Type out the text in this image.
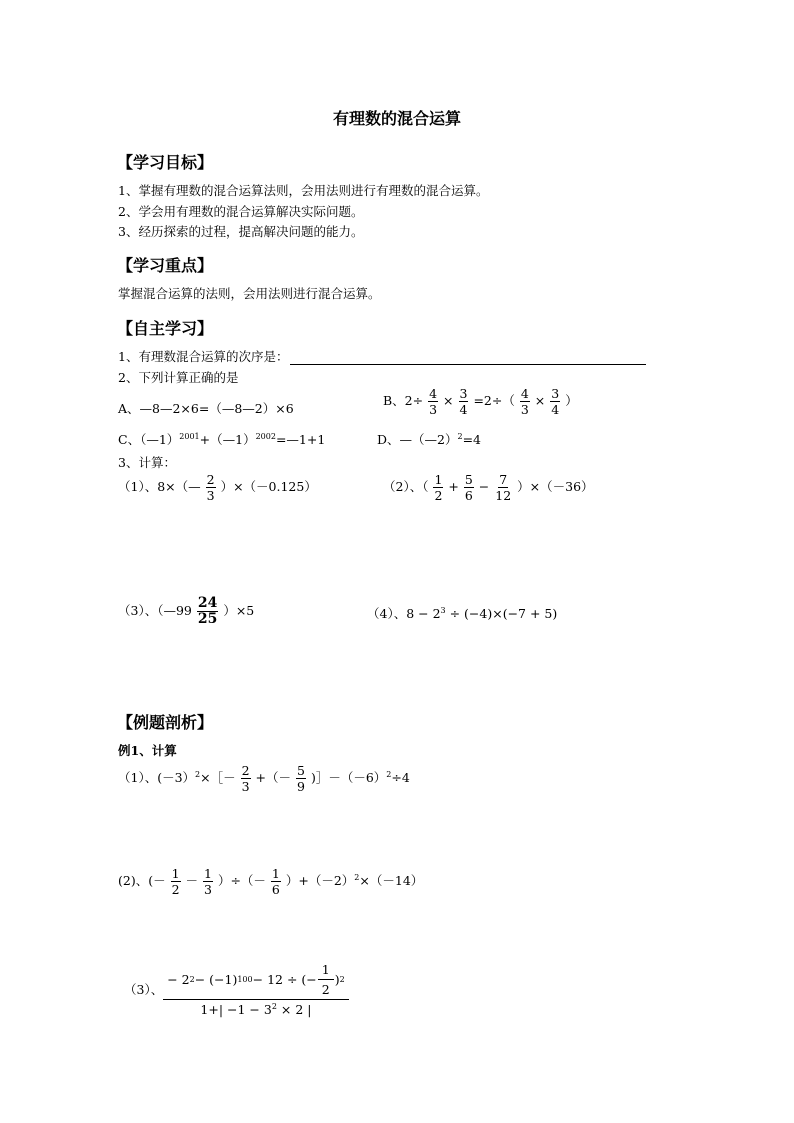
有理数的混合运算
【学习目标】
1、掌握有理数的混合运算法则，会用法则进行有理数的混合运算。
2、学会用有理数的混合运算解决实际问题。
3、经历探索的过程，提高解决问题的能力。
【学习重点】
掌握混合运算的法则，会用法则进行混合运算。
【自主学习】
1、有理数混合运算的次序是：
2、下列计算正确的是
A、—8—2×6=（—8—2）×6
B、$2\div \frac{4}{3} \times \frac{3}{4} =2\div( \frac{4}{3} \times \frac{3}{4}$ ）
C、（—1）$^{2001}$+（—1）$^{2002}$=—1+1	D、—（—2）$^2$=4
3、计算：
（1）、8×（— $\frac{2}{3} )\times(-0.125)$	（2）、（ $\frac{1}{2} + \frac{5}{6} - \frac{7}{12} )\times(-36)$
（3）、（—99 $\frac{24}{25} )\times 5$	（4）、$8 - 2^3 \div (-4)\times(-7 + 5)$
【例题剖析】
例1、计算
（1）、(－3）$^2$×［－ $\frac{2}{3}$ +（－ $\frac{5}{9}$ )$]-(-6)^2\div 4$
(2)、(－ $\frac{1}{2} - \frac{1}{3}$ ）÷（－ $\frac{1}{6} )+(-2)^2\times(-14)$
（3）、 $\frac{- 2 2 - (-1) 100 - 12 \div (- \frac{1}{2} ) 2}{1+| -1 - 3^2 \times 2 |}$
